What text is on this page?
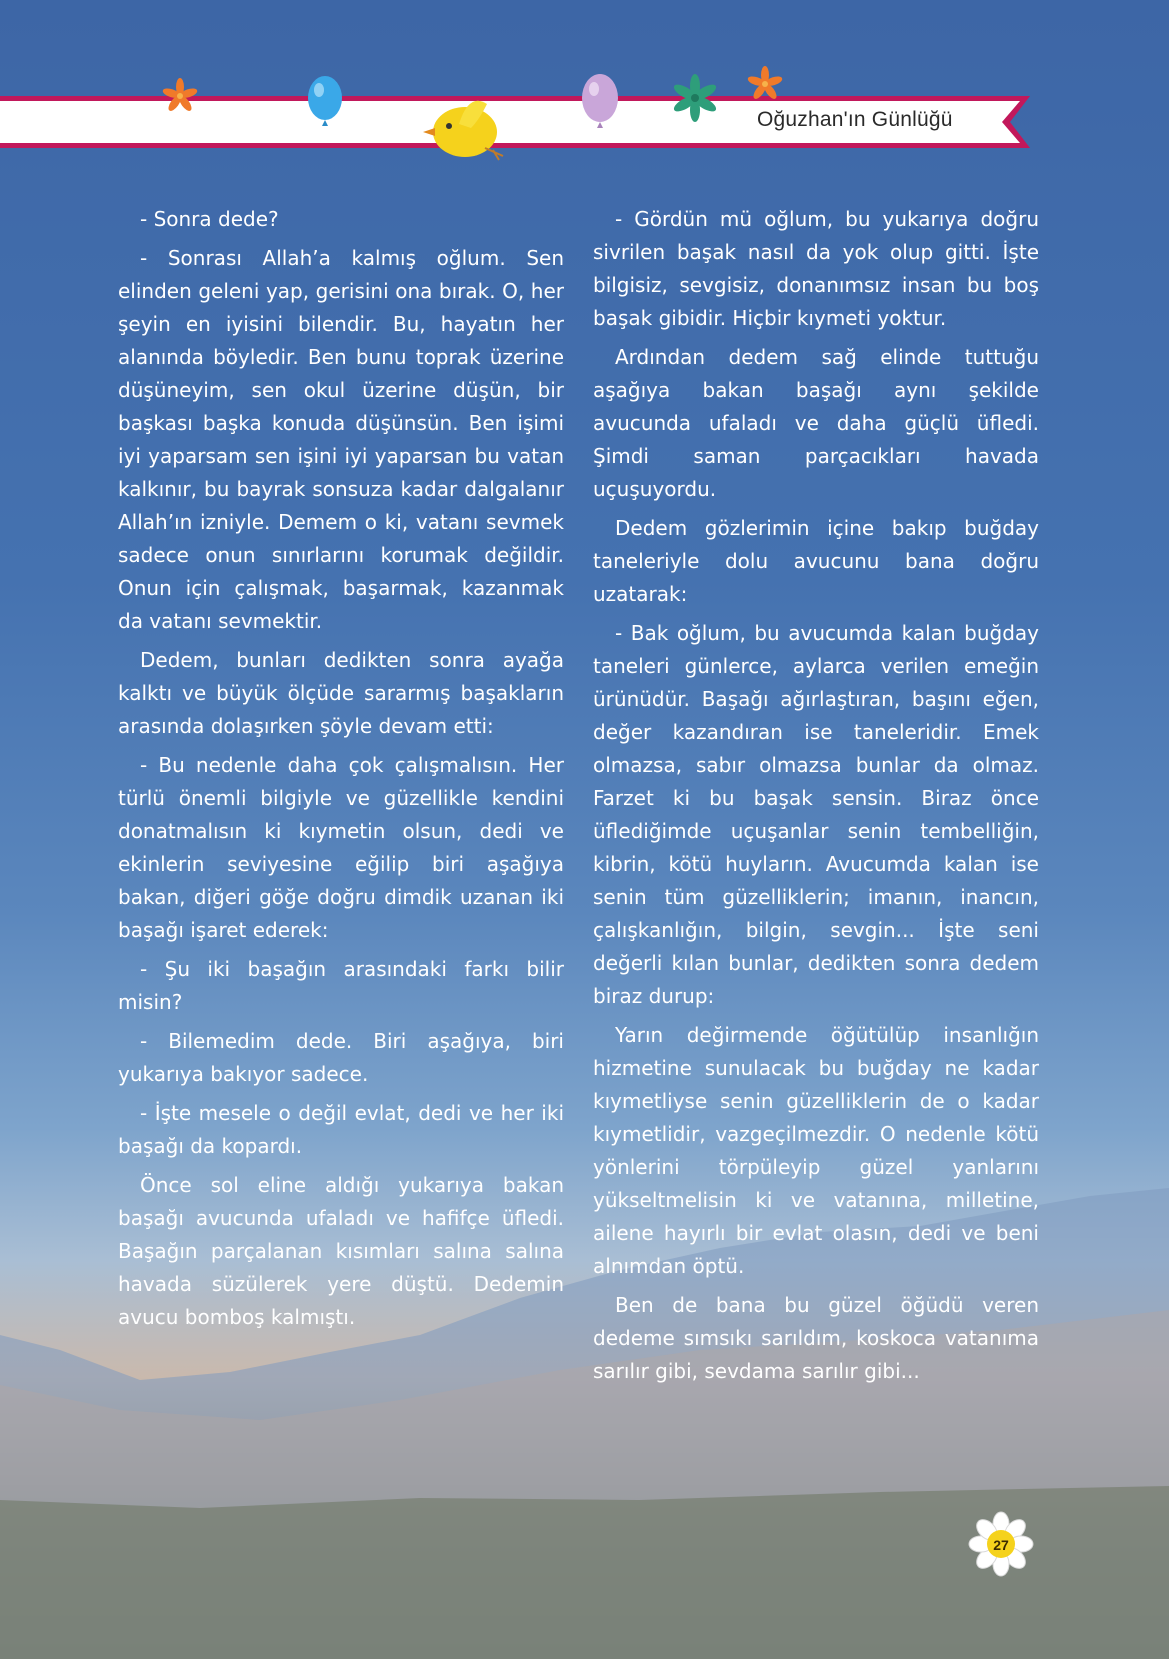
Oğuzhan'ın Günlüğü

- Sonra dede?

- Sonrası Allah’a kalmış oğlum. Sen elinden geleni yap, gerisini ona bırak. O, her şeyin en iyisini bilendir. Bu, hayatın her alanında böyledir. Ben bunu toprak üzerine düşüneyim, sen okul üzerine düşün, bir başkası başka konuda düşünsün. Ben işimi iyi yaparsam sen işini iyi yaparsan bu vatan kalkınır, bu bayrak sonsuza kadar dalgalanır Allah’ın izniyle. Demem o ki, vatanı sevmek sadece onun sınırlarını korumak değildir. Onun için çalışmak, başarmak, kazanmak da vatanı sevmektir.

Dedem, bunları dedikten sonra ayağa kalktı ve büyük ölçüde sararmış başakların arasında dolaşırken şöyle devam etti:

- Bu nedenle daha çok çalışmalısın. Her türlü önemli bilgiyle ve güzellikle kendini donatmalısın ki kıymetin olsun, dedi ve ekinlerin seviyesine eğilip biri aşağıya bakan, diğeri göğe doğru dimdik uzanan iki başağı işaret ederek:

- Şu iki başağın arasındaki farkı bilir misin?

- Bilemedim dede. Biri aşağıya, biri yukarıya bakıyor sadece.

- İşte mesele o değil evlat, dedi ve her iki başağı da kopardı.

Önce sol eline aldığı yukarıya bakan başağı avucunda ufaladı ve hafifçe üfledi. Başağın parçalanan kısımları salına salına havada süzülerek yere düştü. Dedemin avucu bomboş kalmıştı.

- Gördün mü oğlum, bu yukarıya doğru sivrilen başak nasıl da yok olup gitti. İşte bilgisiz, sevgisiz, donanımsız insan bu boş başak gibidir. Hiçbir kıymeti yoktur.

Ardından dedem sağ elinde tuttuğu aşağıya bakan başağı aynı şekilde avucunda ufaladı ve daha güçlü üfledi. Şimdi saman parçacıkları havada uçuşuyordu.

Dedem gözlerimin içine bakıp buğday taneleriyle dolu avucunu bana doğru uzatarak:

- Bak oğlum, bu avucumda kalan buğday taneleri günlerce, aylarca verilen emeğin ürünüdür. Başağı ağırlaştıran, başını eğen, değer kazandıran ise taneleridir. Emek olmazsa, sabır olmazsa bunlar da olmaz. Farzet ki bu başak sensin. Biraz önce üflediğimde uçuşanlar senin tembelliğin, kibrin, kötü huyların. Avucumda kalan ise senin tüm güzelliklerin; imanın, inancın, çalışkanlığın, bilgin, sevgin... İşte seni değerli kılan bunlar, dedikten sonra dedem biraz durup:

Yarın değirmende öğütülüp insanlığın hizmetine sunulacak bu buğday ne kadar kıymetliyse senin güzelliklerin de o kadar kıymetlidir, vazgeçilmezdir. O nedenle kötü yönlerini törpüleyip güzel yanlarını yükseltmelisin ki ve vatanına, milletine, ailene hayırlı bir evlat olasın, dedi ve beni alnımdan öptü.

Ben de bana bu güzel öğüdü veren dedeme sımsıkı sarıldım, koskoca vatanıma sarılır gibi, sevdama sarılır gibi...

27
